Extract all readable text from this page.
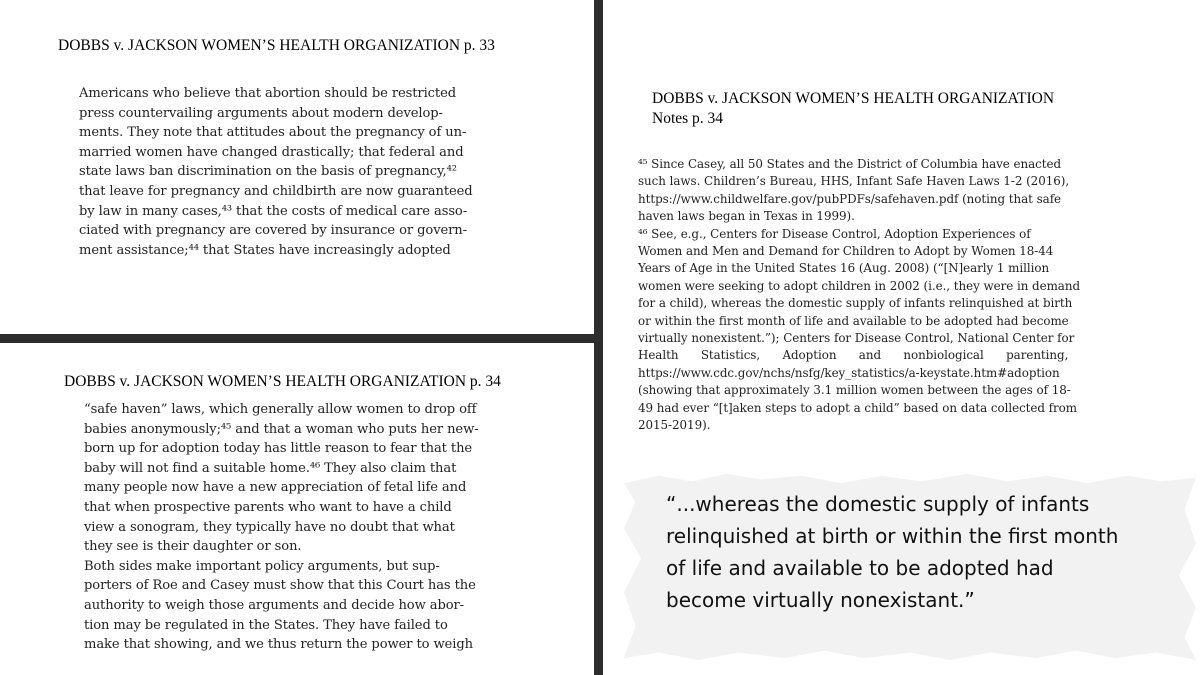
DOBBS v. JACKSON WOMEN’S HEALTH ORGANIZATION p. 33
Americans who believe that abortion should be restricted
press countervailing arguments about modern develop-
ments. They note that attitudes about the pregnancy of un-
married women have changed drastically; that federal and
state laws ban discrimination on the basis of pregnancy,⁴²
that leave for pregnancy and childbirth are now guaranteed
by law in many cases,⁴³ that the costs of medical care asso-
ciated with pregnancy are covered by insurance or govern-
ment assistance;⁴⁴ that States have increasingly adopted
DOBBS v. JACKSON WOMEN’S HEALTH ORGANIZATION p. 34
“safe haven” laws, which generally allow women to drop off
babies anonymously;⁴⁵ and that a woman who puts her new-
born up for adoption today has little reason to fear that the
baby will not find a suitable home.⁴⁶ They also claim that
many people now have a new appreciation of fetal life and
that when prospective parents who want to have a child
view a sonogram, they typically have no doubt that what
they see is their daughter or son.
Both sides make important policy arguments, but sup-
porters of Roe and Casey must show that this Court has the
authority to weigh those arguments and decide how abor-
tion may be regulated in the States. They have failed to
make that showing, and we thus return the power to weigh
DOBBS v. JACKSON WOMEN’S HEALTH ORGANIZATION
Notes p. 34
⁴⁵ Since Casey, all 50 States and the District of Columbia have enacted
such laws. Children’s Bureau, HHS, Infant Safe Haven Laws 1-2 (2016),
https://www.childwelfare.gov/pubPDFs/safehaven.pdf (noting that safe
haven laws began in Texas in 1999).
⁴⁶ See, e.g., Centers for Disease Control, Adoption Experiences of
Women and Men and Demand for Children to Adopt by Women 18-44
Years of Age in the United States 16 (Aug. 2008) (“[N]early 1 million
women were seeking to adopt children in 2002 (i.e., they were in demand
for a child), whereas the domestic supply of infants relinquished at birth
or within the first month of life and available to be adopted had become
virtually nonexistent.”); Centers for Disease Control, National Center for
Health      Statistics,      Adoption      and      nonbiological      parenting,
https://www.cdc.gov/nchs/nsfg/key_statistics/a-keystate.htm#adoption
(showing that approximately 3.1 million women between the ages of 18-
49 had ever “[t]aken steps to adopt a child” based on data collected from
2015-2019).
“...whereas the domestic supply of infants
relinquished at birth or within the first month
of life and available to be adopted had
become virtually nonexistant.”
